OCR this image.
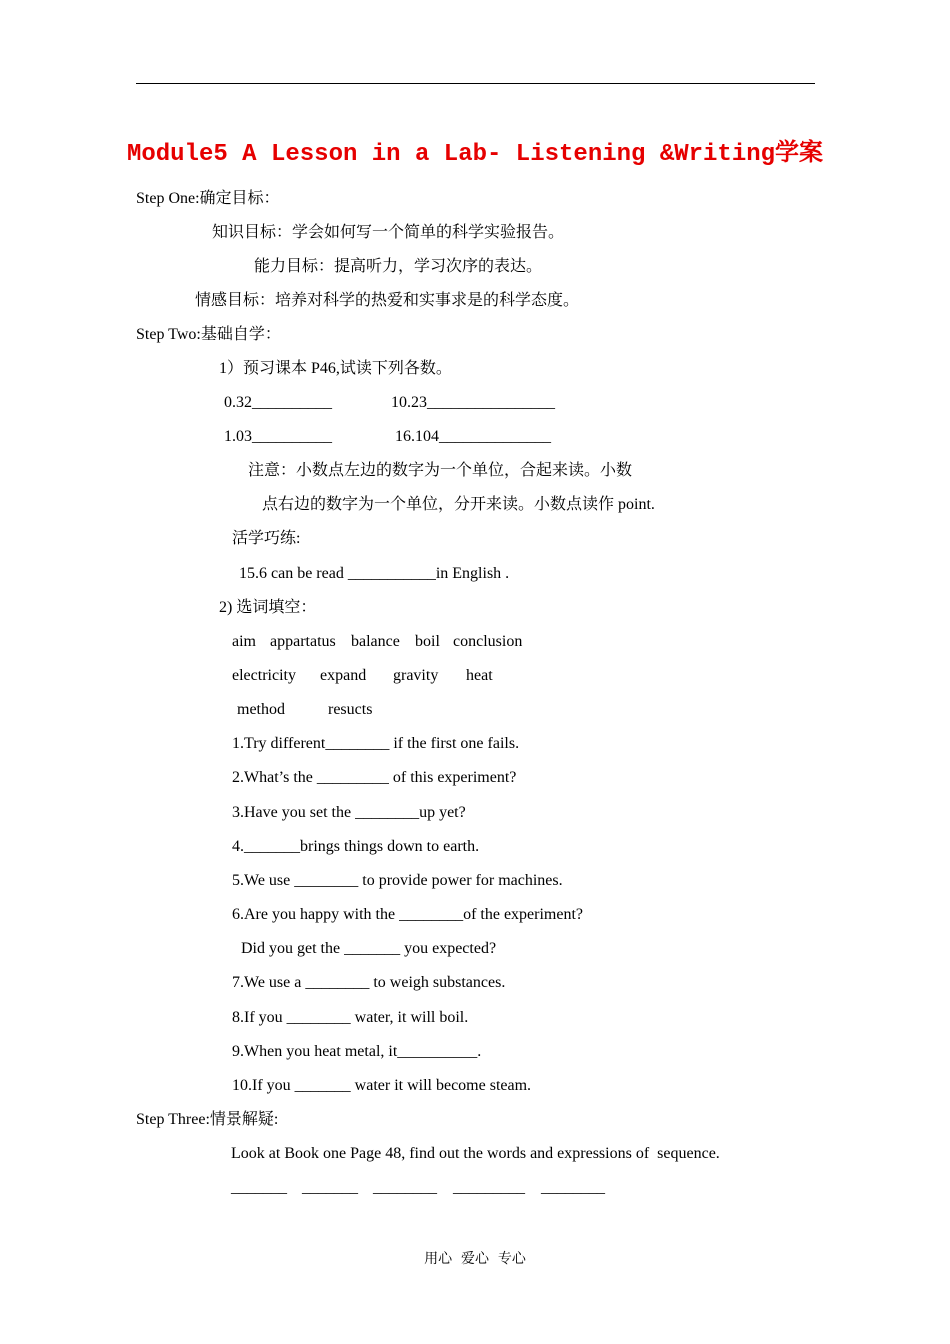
Module5 A Lesson in a Lab- Listening &Writing学案
Step One:确定目标：
知识目标：学会如何写一个简单的科学实验报告。
能力目标：提高听力，学习次序的表达。
情感目标：培养对科学的热爱和实事求是的科学态度。
Step Two:基础自学：
1）预习课本 P46,试读下列各数。
0.32__________	10.23________________
1.03__________	16.104______________
注意：小数点左边的数字为一个单位，合起来读。小数
点右边的数字为一个单位，分开来读。小数点读作 point.
活学巧练:
15.6 can be read ___________in English .
2) 选词填空：
aim appartatus balance boil conclusion
electricity expand gravity heat
method	resucts
1.Try different________ if the first one fails.
2.What’s the _________ of this experiment?
3.Have you set the ________up yet?
4._______brings things down to earth.
5.We use ________ to provide power for machines.
6.Are you happy with the ________of the experiment?
Did you get the _______ you expected?
7.We use a ________ to weigh substances.
8.If you ________ water, it will boil.
9.When you heat metal, it__________.
10.If you _______ water it will become steam.
Step Three:情景解疑:
Look at Book one Page 48, find out the words and expressions of  sequence.
_______ _______ ________ _________ ________
用心  爱心  专心
